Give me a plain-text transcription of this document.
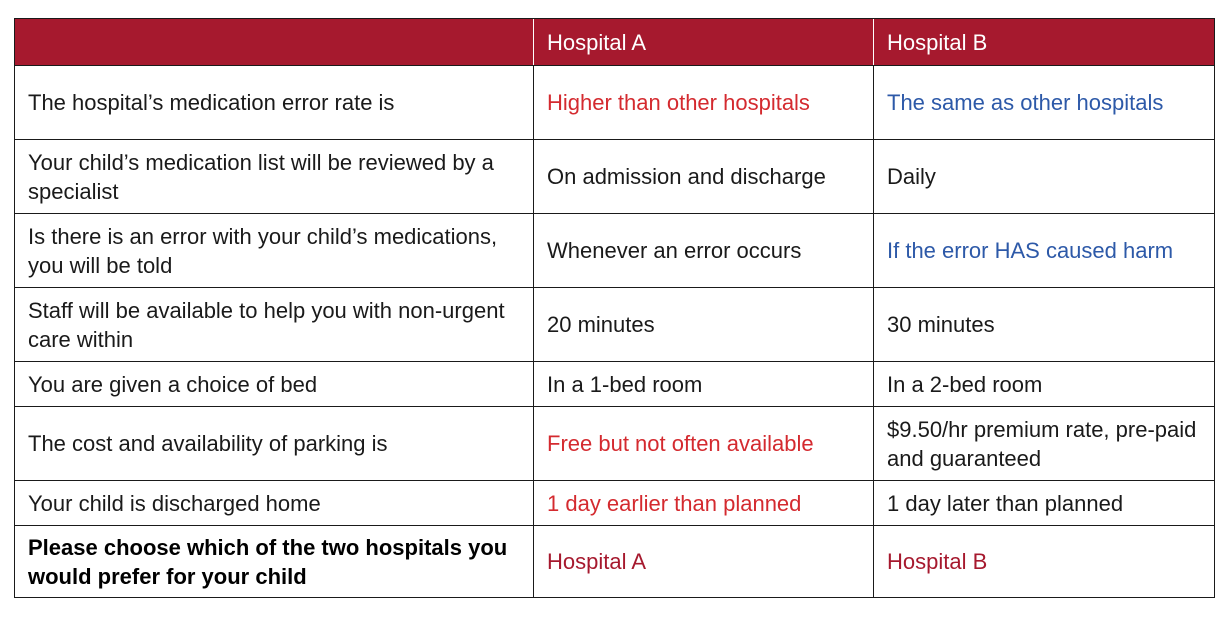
	Hospital A	Hospital B
The hospital’s medication error rate is	Higher than other hospitals	The same as other hospitals
Your child’s medication list will be reviewed by a specialist	On admission and discharge	Daily
Is there is an error with your child’s medications, you will be told	Whenever an error occurs	If the error HAS caused harm
Staff will be available to help you with non-urgent care within	20 minutes	30 minutes
You are given a choice of bed	In a 1-bed room	In a 2-bed room
The cost and availability of parking is	Free but not often available	$9.50/hr premium rate, pre-paid and guaranteed
Your child is discharged home	1 day earlier than planned	1 day later than planned
Please choose which of the two hospitals you would prefer for your child	Hospital A	Hospital B
